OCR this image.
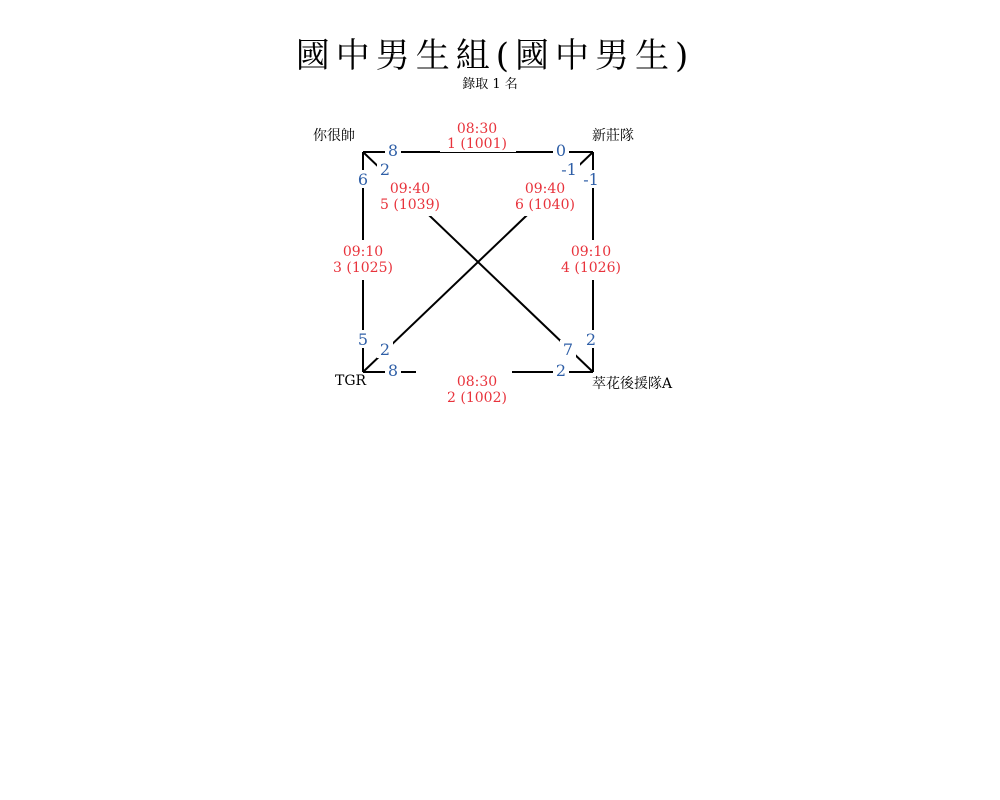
國中男生組(國中男生)
錄取 1 名
你很帥	新莊隊
TGR	萃花後援隊A
08:30
1 (1001)
08:30
2 (1002)
09:10
3 (1025)
09:10
4 (1026)
09:40
5 (1039)
09:40
6 (1040)
8	0
8	2
6
5
-1
2
2
7
-1
2
